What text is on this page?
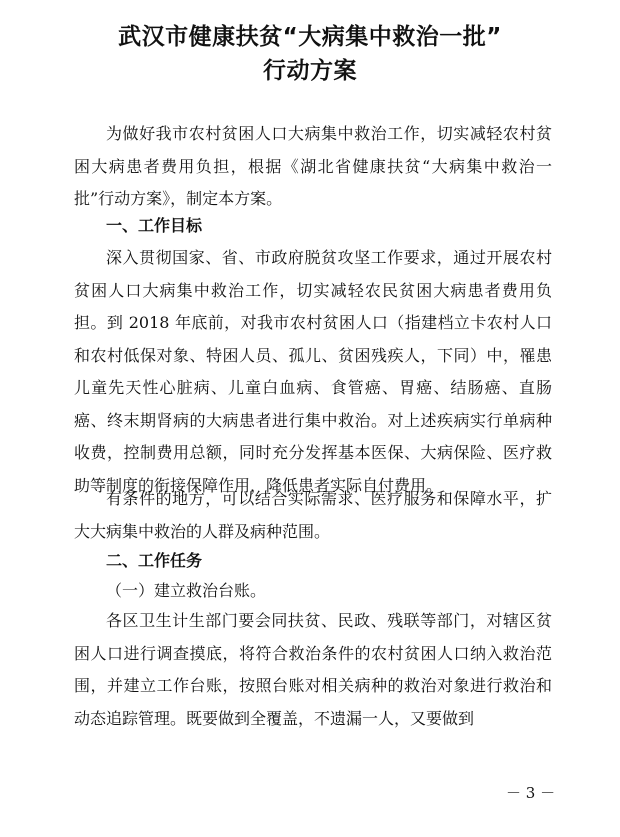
武汉市健康扶贫“大病集中救治一批”
行动方案

为做好我市农村贫困人口大病集中救治工作，切实减轻农村贫困大病患者费用负担，根据《湖北省健康扶贫“大病集中救治一批”行动方案》，制定本方案。

一、工作目标

深入贯彻国家、省、市政府脱贫攻坚工作要求，通过开展农村贫困人口大病集中救治工作，切实减轻农民贫困大病患者费用负担。到 2018 年底前，对我市农村贫困人口（指建档立卡农村人口和农村低保对象、特困人员、孤儿、贫困残疾人，下同）中，罹患儿童先天性心脏病、儿童白血病、食管癌、胃癌、结肠癌、直肠癌、终末期肾病的大病患者进行集中救治。对上述疾病实行单病种收费，控制费用总额，同时充分发挥基本医保、大病保险、医疗救助等制度的衔接保障作用，降低患者实际自付费用。

有条件的地方，可以结合实际需求、医疗服务和保障水平，扩大大病集中救治的人群及病种范围。

二、工作任务

（一）建立救治台账。

各区卫生计生部门要会同扶贫、民政、残联等部门，对辖区贫困人口进行调查摸底，将符合救治条件的农村贫困人口纳入救治范围，并建立工作台账，按照台账对相关病种的救治对象进行救治和动态追踪管理。既要做到全覆盖，不遗漏一人，又要做到

－ 3 －
